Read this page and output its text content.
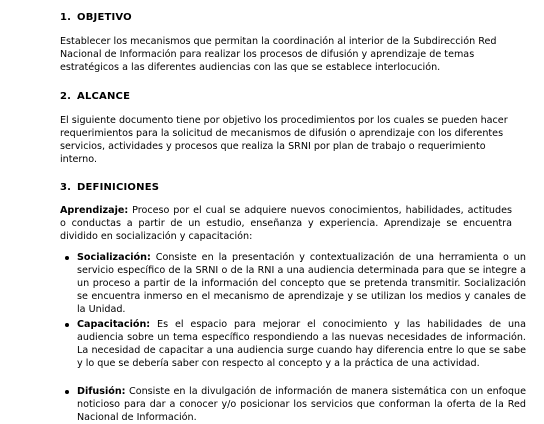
1. OBJETIVO
Establecer los mecanismos que permitan la coordinación al interior de la Subdirección Red Nacional de Información para realizar los procesos de difusión y aprendizaje de temas estratégicos a las diferentes audiencias con las que se establece interlocución.
2. ALCANCE
El siguiente documento tiene por objetivo los procedimientos por los cuales se pueden hacer requerimientos para la solicitud de mecanismos de difusión o aprendizaje con los diferentes servicios, actividades y procesos que realiza la SRNI por plan de trabajo o requerimiento interno.
3. DEFINICIONES
Aprendizaje: Proceso por el cual se adquiere nuevos conocimientos, habilidades, actitudes o conductas a partir de un estudio, enseñanza y experiencia. Aprendizaje se encuentra dividido en socialización y capacitación:
Socialización: Consiste en la presentación y contextualización de una herramienta o un servicio específico de la SRNI o de la RNI a una audiencia determinada para que se integre a un proceso a partir de la información del concepto que se pretenda transmitir. Socialización se encuentra inmerso en el mecanismo de aprendizaje y se utilizan los medios y canales de la Unidad.
Capacitación: Es el espacio para mejorar el conocimiento y las habilidades de una audiencia sobre un tema específico respondiendo a las nuevas necesidades de información. La necesidad de capacitar a una audiencia surge cuando hay diferencia entre lo que se sabe y lo que se debería saber con respecto al concepto y a la práctica de una actividad.
Difusión: Consiste en la divulgación de información de manera sistemática con un enfoque noticioso para dar a conocer y/o posicionar los servicios que conforman la oferta de la Red Nacional de Información.
